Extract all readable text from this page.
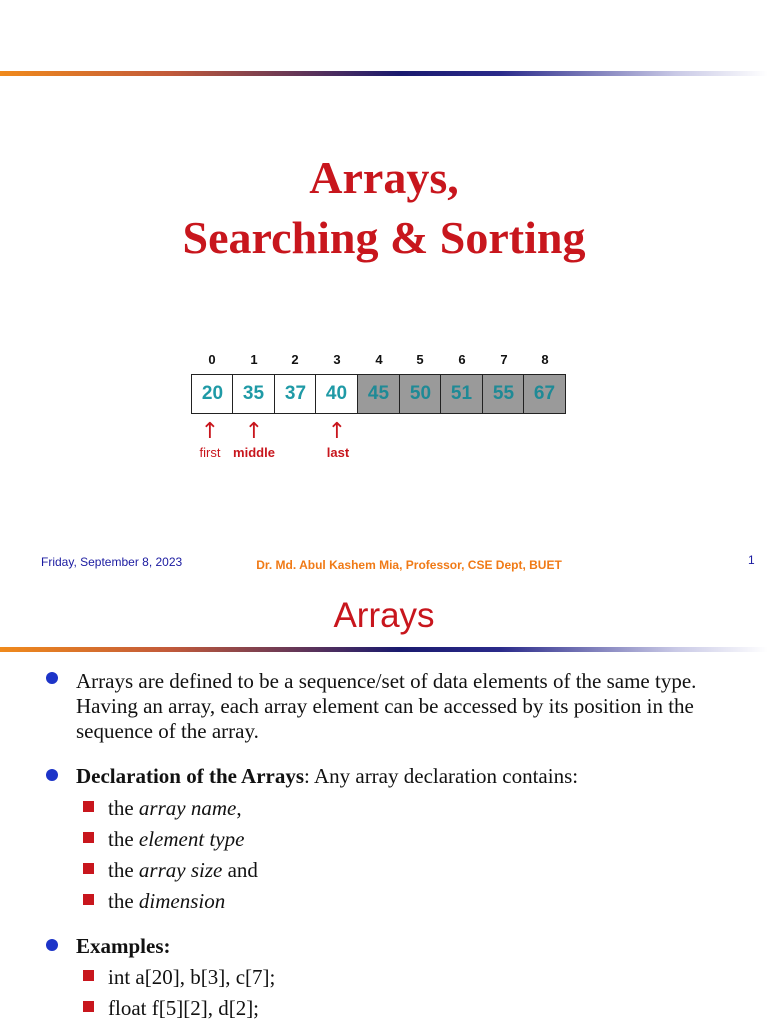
Arrays,
Searching & Sorting
0	1	2	3	4	5	6	7	8
20	35	37	40	45	50	51	55	67
↑	↑	↑
first middle	last
Friday, September 8, 2023	Dr. Md. Abul Kashem Mia, Professor, CSE Dept, BUET	1
Arrays
Arrays are defined to be a sequence/set of data elements of the same type. Having an array, each array element can be accessed by its position in the sequence of the array.
Declaration of the Arrays: Any array declaration contains:
the array name,
the element type
the array size and
the dimension
Examples:
int a[20], b[3], c[7];
float f[5][2], d[2];
